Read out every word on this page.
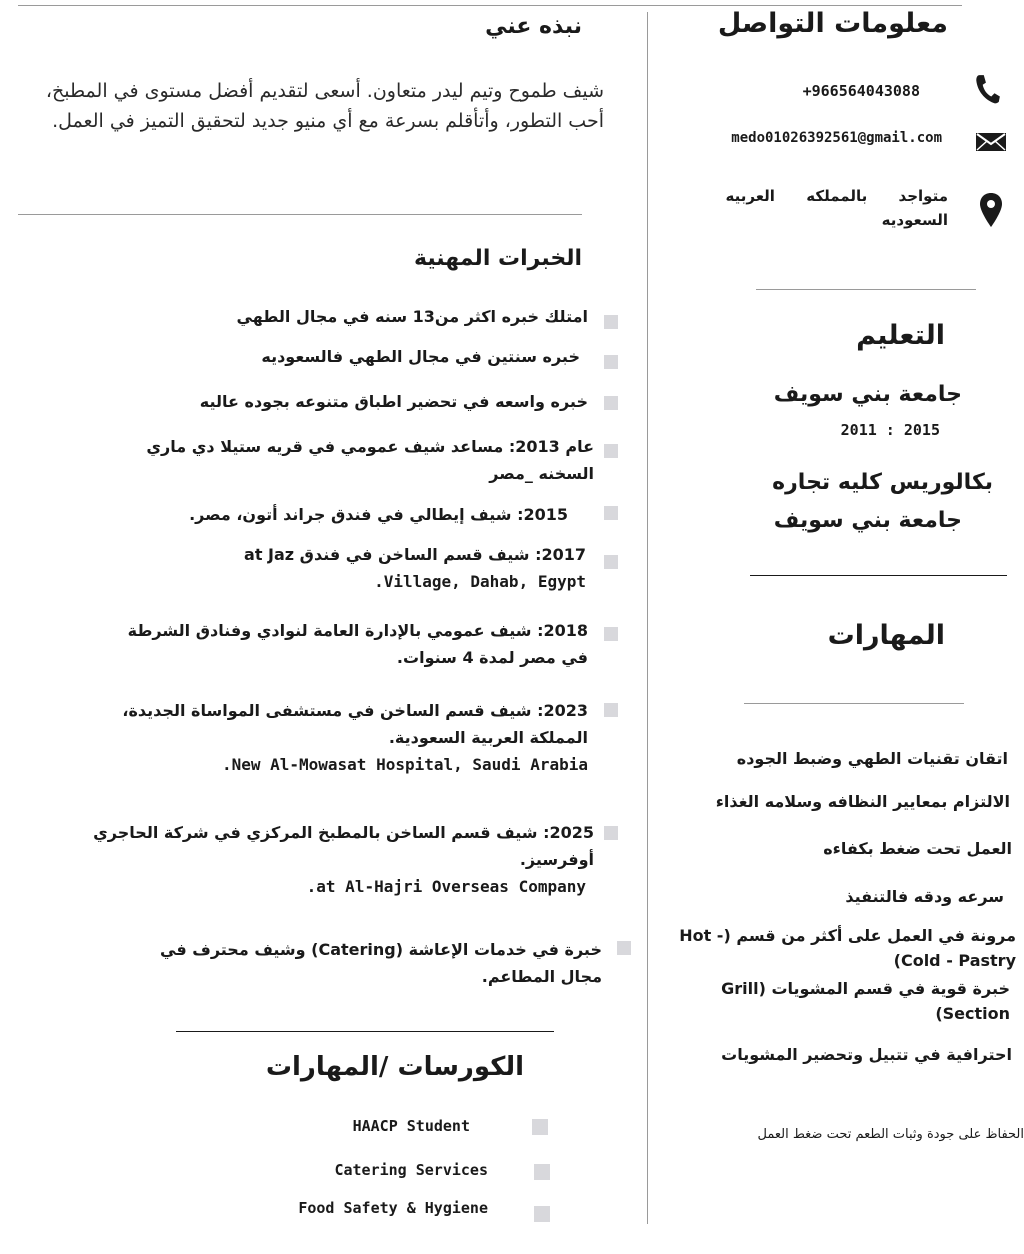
معلومات التواصل
+966564043088
medo01026392561@gmail.com
متواجد      بالمملكه      العربيه السعوديه
التعليم
جامعة بني سويف
2011 : 2015
بكالوريس كليه تجاره
جامعة بني سويف
المهارات
اتقان تقنيات الطهي وضبط الجوده
الالتزام بمعايير النظافه وسلامه الغذاء
العمل تحت ضغط بكفاءه
سرعه ودقه فالتنفيذ
مرونة في العمل على أكثر من قسم (Hot - Cold - Pastry)
خبرة قوية في قسم المشويات (Grill Section)
احترافية في تتبيل وتحضير المشويات
الحفاظ على جودة وثبات الطعم تحت ضغط العمل
نبذه عني
شيف طموح وتيم ليدر متعاون. أسعى لتقديم أفضل مستوى في المطبخ، أحب التطور، وأتأقلم بسرعة مع أي منيو جديد لتحقيق التميز في العمل.
الخبرات المهنية
امتلك خبره اكثر من13 سنه في مجال الطهي
خبره سنتين في مجال الطهي فالسعوديه
خبره واسعه في تحضير اطباق متنوعه بجوده عاليه
عام 2013: مساعد شيف عمومي في قريه ستيلا دي ماري
السخنه _مصر
2015: شيف إيطالي في فندق جراند أتون، مصر.
2017: شيف قسم الساخن في فندق at Jaz
Village, Dahab, Egypt.
2018: شيف عمومي بالإدارة العامة لنوادي وفنادق الشرطة
في مصر لمدة 4 سنوات.
2023: شيف قسم الساخن في مستشفى المواساة الجديدة،
المملكة العربية السعودية.
New Al-Mowasat Hospital, Saudi Arabia.
2025: شيف قسم الساخن بالمطبخ المركزي في شركة الحاجري
أوفرسيز.
at Al-Hajri Overseas Company.
خبرة في خدمات الإعاشة (Catering) وشيف محترف في
مجال المطاعم.
الكورسات /المهارات
HAACP Student
Catering Services
Food Safety & Hygiene
